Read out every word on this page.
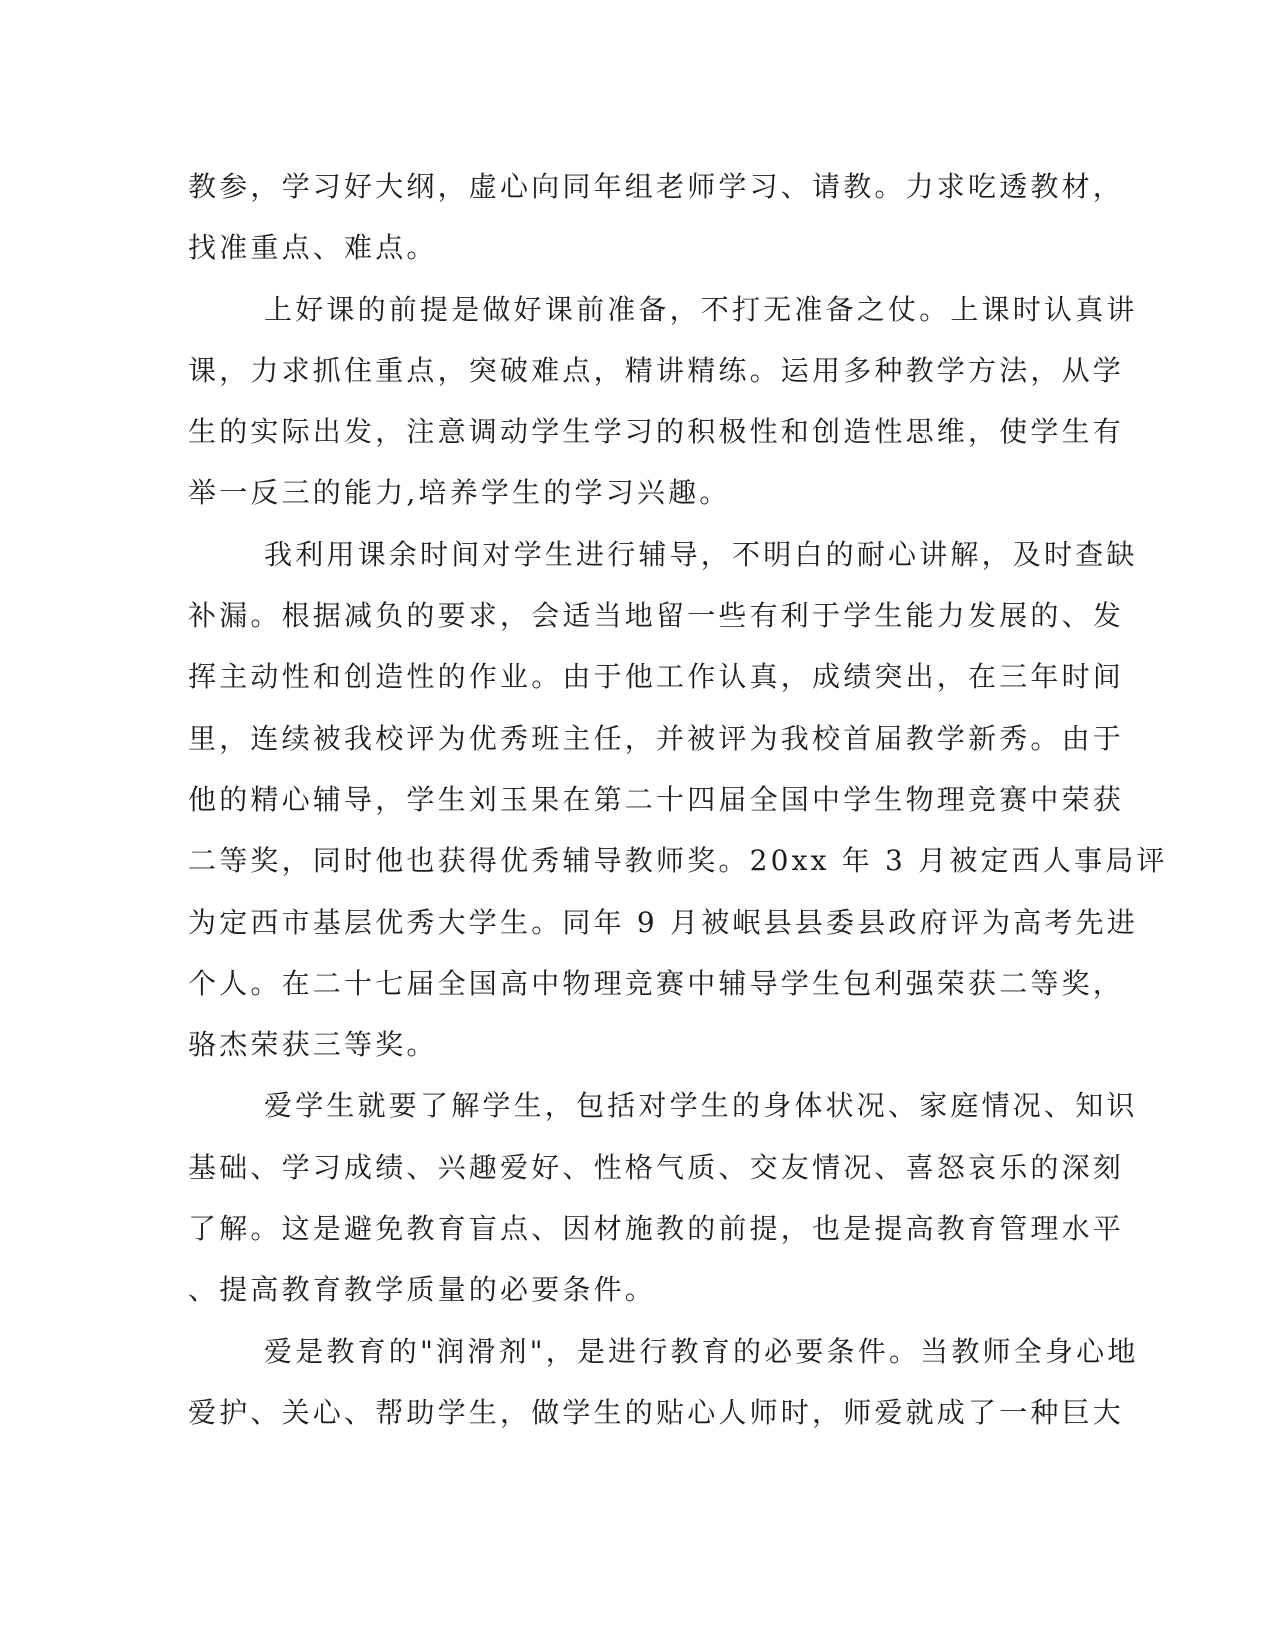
教参，学习好大纲，虚心向同年组老师学习、请教。力求吃透教材，
找准重点、难点。
上好课的前提是做好课前准备，不打无准备之仗。上课时认真讲
课，力求抓住重点，突破难点，精讲精练。运用多种教学方法，从学
生的实际出发，注意调动学生学习的积极性和创造性思维，使学生有
举一反三的能力,培养学生的学习兴趣。
我利用课余时间对学生进行辅导，不明白的耐心讲解，及时查缺
补漏。根据减负的要求，会适当地留一些有利于学生能力发展的、发
挥主动性和创造性的作业。由于他工作认真，成绩突出，在三年时间
里，连续被我校评为优秀班主任，并被评为我校首届教学新秀。由于
他的精心辅导，学生刘玉果在第二十四届全国中学生物理竞赛中荣获
二等奖，同时他也获得优秀辅导教师奖。20xx 年 3 月被定西人事局评
为定西市基层优秀大学生。同年 9 月被岷县县委县政府评为高考先进
个人。在二十七届全国高中物理竞赛中辅导学生包利强荣获二等奖，
骆杰荣获三等奖。
爱学生就要了解学生，包括对学生的身体状况、家庭情况、知识
基础、学习成绩、兴趣爱好、性格气质、交友情况、喜怒哀乐的深刻
了解。这是避免教育盲点、因材施教的前提，也是提高教育管理水平
、提高教育教学质量的必要条件。
爱是教育的"润滑剂"，是进行教育的必要条件。当教师全身心地
爱护、关心、帮助学生，做学生的贴心人师时，师爱就成了一种巨大
